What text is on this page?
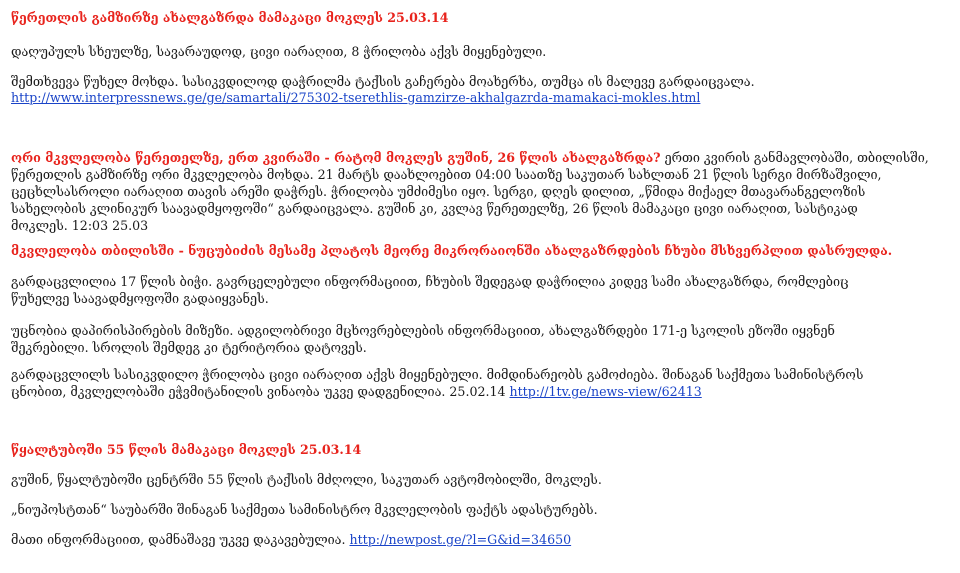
წერეთლის გამზირზე ახალგაზრდა მამაკაცი მოკლეს 25.03.14
დაღუპულს სხეულზე, სავარაუდოდ, ცივი იარაღით, 8 ჭრილობა აქვს მიყენებული.
შემთხვევა წუხელ მოხდა. სასიკვდილოდ დაჭრილმა ტაქსის გაჩერება მოახერხა, თუმცა ის მალევე გარდაიცვალა.
http://www.interpressnews.ge/ge/samartali/275302-tserethlis-gamzirze-akhalgazrda-mamakaci-mokles.html
ორი მკვლელობა წერეთელზე, ერთ კვირაში - რატომ მოკლეს გუშინ, 26 წლის ახალგაზრდა? ერთი კვირის განმავლობაში, თბილისში,
წერეთლის გამზირზე ორი მკვლელობა მოხდა. 21 მარტს დაახლოებით 04:00 საათზე საკუთარ სახლთან 21 წლის სერგი მირზაშვილი,
ცეცხლსასროლი იარაღით თავის არეში დაჭრეს. ჭრილობა უმძიმესი იყო. სერგი, დღეს დილით, „წმიდა მიქაელ მთავარანგელოზის
სახელობის კლინიკურ საავადმყოფოში“ გარდაიცვალა. გუშინ კი, კვლავ წერეთელზე, 26 წლის მამაკაცი ცივი იარაღით, სასტიკად
მოკლეს. 12:03 25.03
მკვლელობა თბილისში - ნუცუბიძის მესამე პლატოს მეორე მიკრორაიონში ახალგაზრდების ჩხუბი მსხვერპლით დასრულდა.
გარდაცვლილია 17 წლის ბიჭი. გავრცელებული ინფორმაციით, ჩხუბის შედეგად დაჭრილია კიდევ სამი ახალგაზრდა, რომლებიც
წუხელვე საავადმყოფოში გადაიყვანეს.
უცნობია დაპირისპირების მიზეზი. ადგილობრივი მცხოვრებლების ინფორმაციით, ახალგაზრდები 171-ე სკოლის ეზოში იყვნენ
შეკრებილი. სროლის შემდეგ კი ტერიტორია დატოვეს.
გარდაცვლილს სასიკვდილო ჭრილობა ცივი იარაღით აქვს მიყენებული. მიმდინარეობს გამოძიება. შინაგან საქმეთა სამინისტროს
ცნობით, მკვლელობაში ეჭვმიტანილის ვინაობა უკვე დადგენილია. 25.02.14 http://1tv.ge/news-view/62413
წყალტუბოში 55 წლის მამაკაცი მოკლეს 25.03.14
გუშინ, წყალტუბოში ცენტრში 55 წლის ტაქსის მძღოლი, საკუთარ ავტომობილში, მოკლეს.
„ნიუპოსტთან“ საუბარში შინაგან საქმეთა სამინისტრო მკვლელობის ფაქტს ადასტურებს.
მათი ინფორმაციით, დამნაშავე უკვე დაკავებულია. http://newpost.ge/?l=G&id=34650
